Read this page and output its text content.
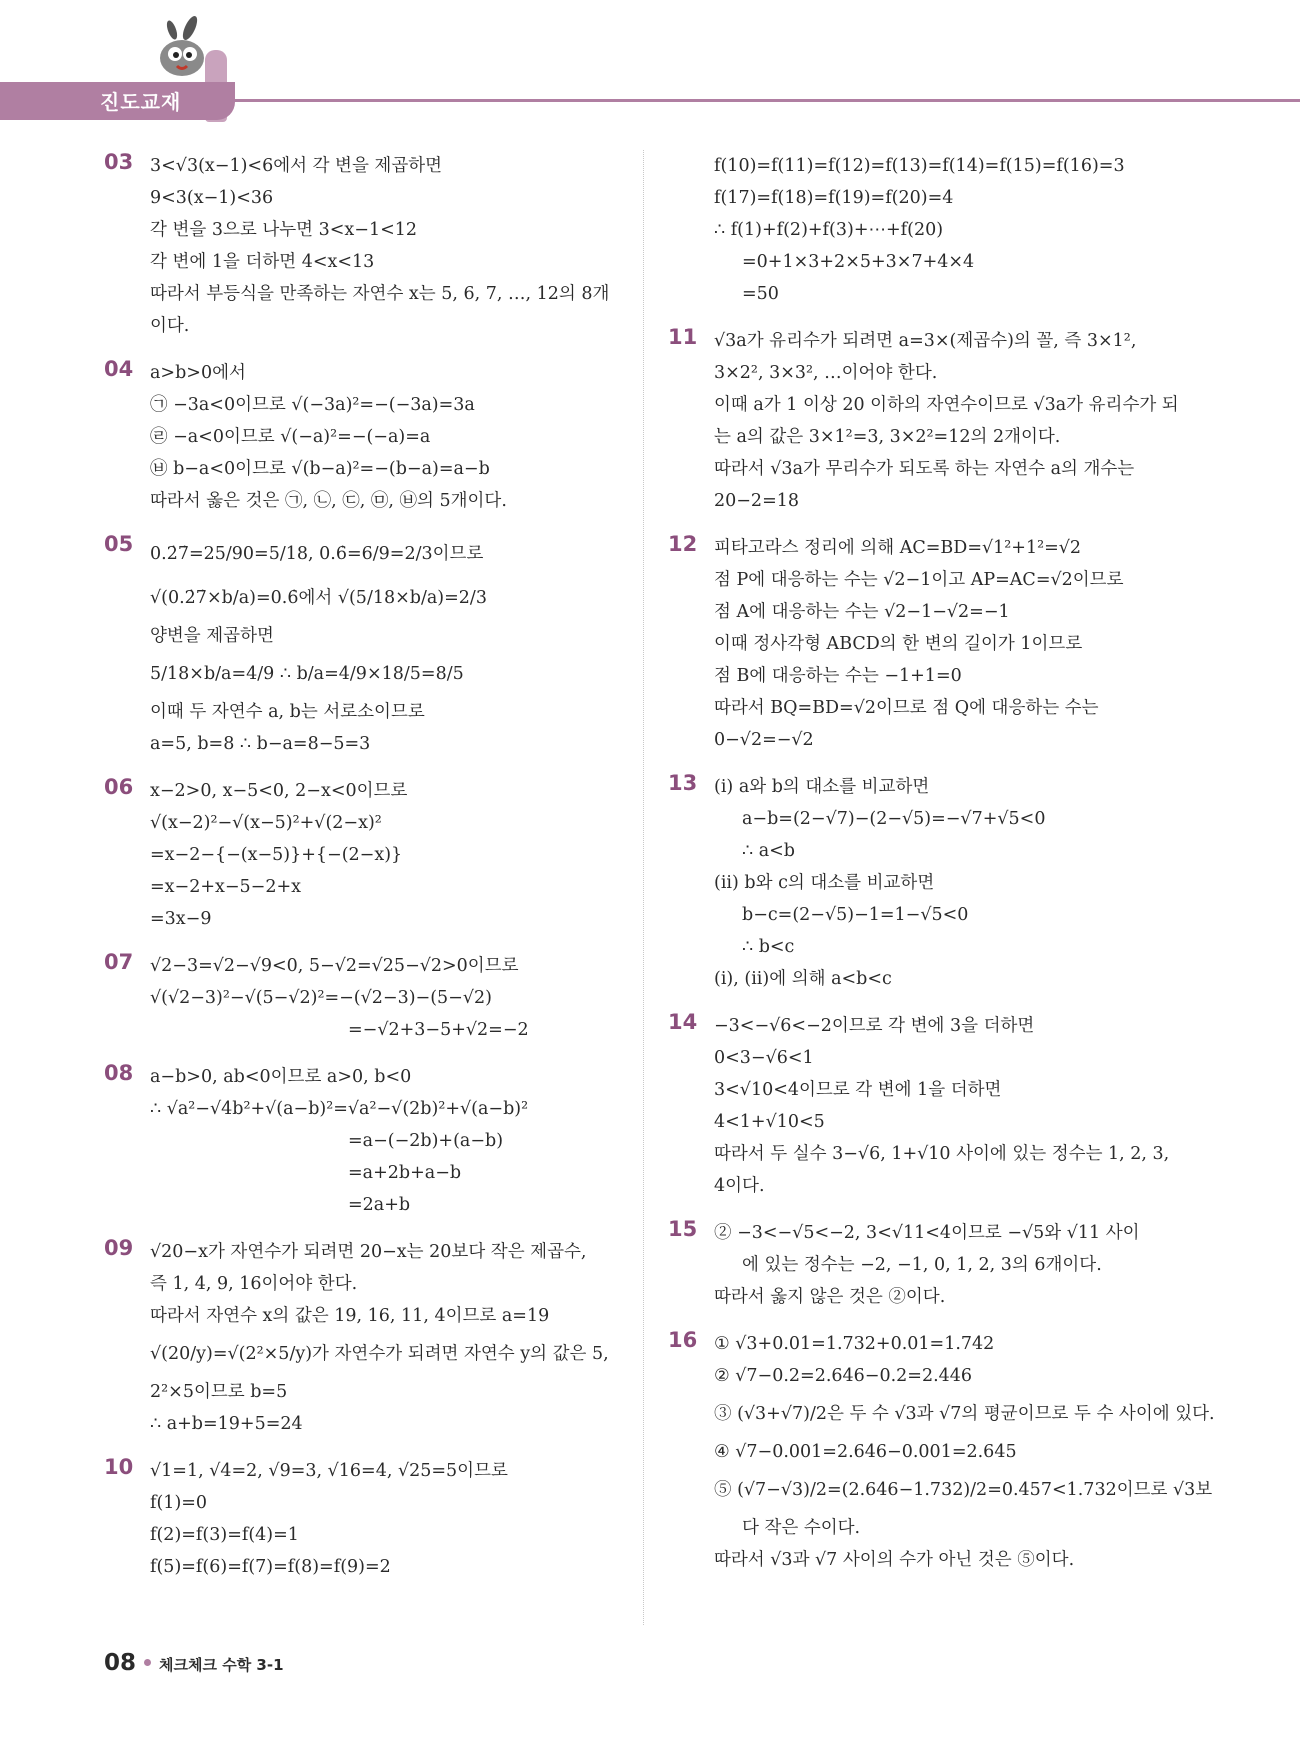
진도교재
03 3<√3(x−1)<6에서 각 변을 제곱하면
9<3(x−1)<36
각 변을 3으로 나누면 3<x−1<12
각 변에 1을 더하면 4<x<13
따라서 부등식을 만족하는 자연수 x는 5, 6, 7, …, 12의 8개
이다.
04 a>b>0에서
㉠ −3a<0이므로 √(−3a)²=−(−3a)=3a
㉣ −a<0이므로 √(−a)²=−(−a)=a
㉥ b−a<0이므로 √(b−a)²=−(b−a)=a−b
따라서 옳은 것은 ㉠, ㉡, ㉢, ㉤, ㉥의 5개이다.
05 0.2̇7̇=25/90=5/18, 0.6̇=6/9=2/3이므로
√(0.2̇7̇×b/a)=0.6̇에서 √(5/18×b/a)=2/3
양변을 제곱하면
5/18×b/a=4/9 ∴ b/a=4/9×18/5=8/5
이때 두 자연수 a, b는 서로소이므로
a=5, b=8 ∴ b−a=8−5=3
06 x−2>0, x−5<0, 2−x<0이므로
√(x−2)²−√(x−5)²+√(2−x)²
=x−2−{−(x−5)}+{−(2−x)}
=x−2+x−5−2+x
=3x−9
07 √2−3=√2−√9<0, 5−√2=√25−√2>0이므로
√(√2−3)²−√(5−√2)²=−(√2−3)−(5−√2)
=−√2+3−5+√2=−2
08 a−b>0, ab<0이므로 a>0, b<0
∴ √a²−√4b²+√(a−b)²=√a²−√(2b)²+√(a−b)²
=a−(−2b)+(a−b)
=a+2b+a−b
=2a+b
09 √20−x가 자연수가 되려면 20−x는 20보다 작은 제곱수,
즉 1, 4, 9, 16이어야 한다.
따라서 자연수 x의 값은 19, 16, 11, 4이므로 a=19
√(20/y)=√(2²×5/y)가 자연수가 되려면 자연수 y의 값은 5,
2²×5이므로 b=5
∴ a+b=19+5=24
10 √1=1, √4=2, √9=3, √16=4, √25=5이므로
f(1)=0
f(2)=f(3)=f(4)=1
f(5)=f(6)=f(7)=f(8)=f(9)=2
f(10)=f(11)=f(12)=f(13)=f(14)=f(15)=f(16)=3
f(17)=f(18)=f(19)=f(20)=4
∴ f(1)+f(2)+f(3)+⋯+f(20)
=0+1×3+2×5+3×7+4×4
=50
11 √3a가 유리수가 되려면 a=3×(제곱수)의 꼴, 즉 3×1²,
3×2², 3×3², …이어야 한다.
이때 a가 1 이상 20 이하의 자연수이므로 √3a가 유리수가 되
는 a의 값은 3×1²=3, 3×2²=12의 2개이다.
따라서 √3a가 무리수가 되도록 하는 자연수 a의 개수는
20−2=18
12 피타고라스 정리에 의해 AC=BD=√1²+1²=√2
점 P에 대응하는 수는 √2−1이고 AP=AC=√2이므로
점 A에 대응하는 수는 √2−1−√2=−1
이때 정사각형 ABCD의 한 변의 길이가 1이므로
점 B에 대응하는 수는 −1+1=0
따라서 BQ=BD=√2이므로 점 Q에 대응하는 수는
0−√2=−√2
13 (i) a와 b의 대소를 비교하면
a−b=(2−√7)−(2−√5)=−√7+√5<0
∴ a<b
(ii) b와 c의 대소를 비교하면
b−c=(2−√5)−1=1−√5<0
∴ b<c
(i), (ii)에 의해 a<b<c
14 −3<−√6<−2이므로 각 변에 3을 더하면
0<3−√6<1
3<√10<4이므로 각 변에 1을 더하면
4<1+√10<5
따라서 두 실수 3−√6, 1+√10 사이에 있는 정수는 1, 2, 3,
4이다.
15 ② −3<−√5<−2, 3<√11<4이므로 −√5와 √11 사이
에 있는 정수는 −2, −1, 0, 1, 2, 3의 6개이다.
따라서 옳지 않은 것은 ②이다.
16 ① √3+0.01=1.732+0.01=1.742
② √7−0.2=2.646−0.2=2.446
③ (√3+√7)/2은 두 수 √3과 √7의 평균이므로 두 수 사이에 있다.
④ √7−0.001=2.646−0.001=2.645
⑤ (√7−√3)/2=(2.646−1.732)/2=0.457<1.732이므로 √3보
다 작은 수이다.
따라서 √3과 √7 사이의 수가 아닌 것은 ⑤이다.
08 체크체크 수학 3-1
